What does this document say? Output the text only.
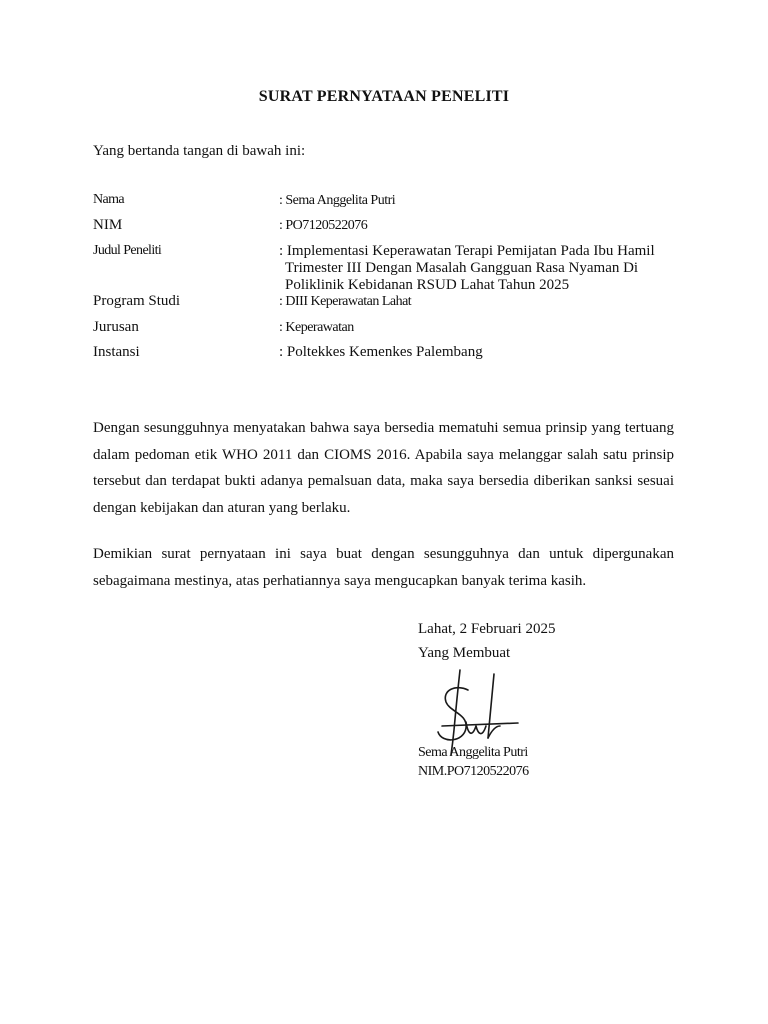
SURAT PERNYATAAN PENELITI
Yang bertanda tangan di bawah ini:
Nama	: Sema Anggelita Putri
NIM	: PO7120522076
Judul Peneliti	: Implementasi Keperawatan Terapi Pemijatan Pada Ibu Hamil
Trimester III Dengan Masalah Gangguan Rasa Nyaman Di
Poliklinik Kebidanan RSUD Lahat Tahun 2025
Program Studi	: DIII Keperawatan Lahat
Jurusan	: Keperawatan
Instansi	: Poltekkes Kemenkes Palembang
Dengan sesungguhnya menyatakan bahwa saya bersedia mematuhi semua prinsip yang tertuang dalam pedoman etik WHO 2011 dan CIOMS 2016. Apabila saya melanggar salah satu prinsip tersebut dan terdapat bukti adanya pemalsuan data, maka saya bersedia diberikan sanksi sesuai dengan kebijakan dan aturan yang berlaku.
Demikian surat pernyataan ini saya buat dengan sesungguhnya dan untuk dipergunakan sebagaimana mestinya, atas perhatiannya saya mengucapkan banyak terima kasih.
Lahat, 2 Februari 2025
Yang Membuat
Sema Anggelita Putri
NIM.PO7120522076
